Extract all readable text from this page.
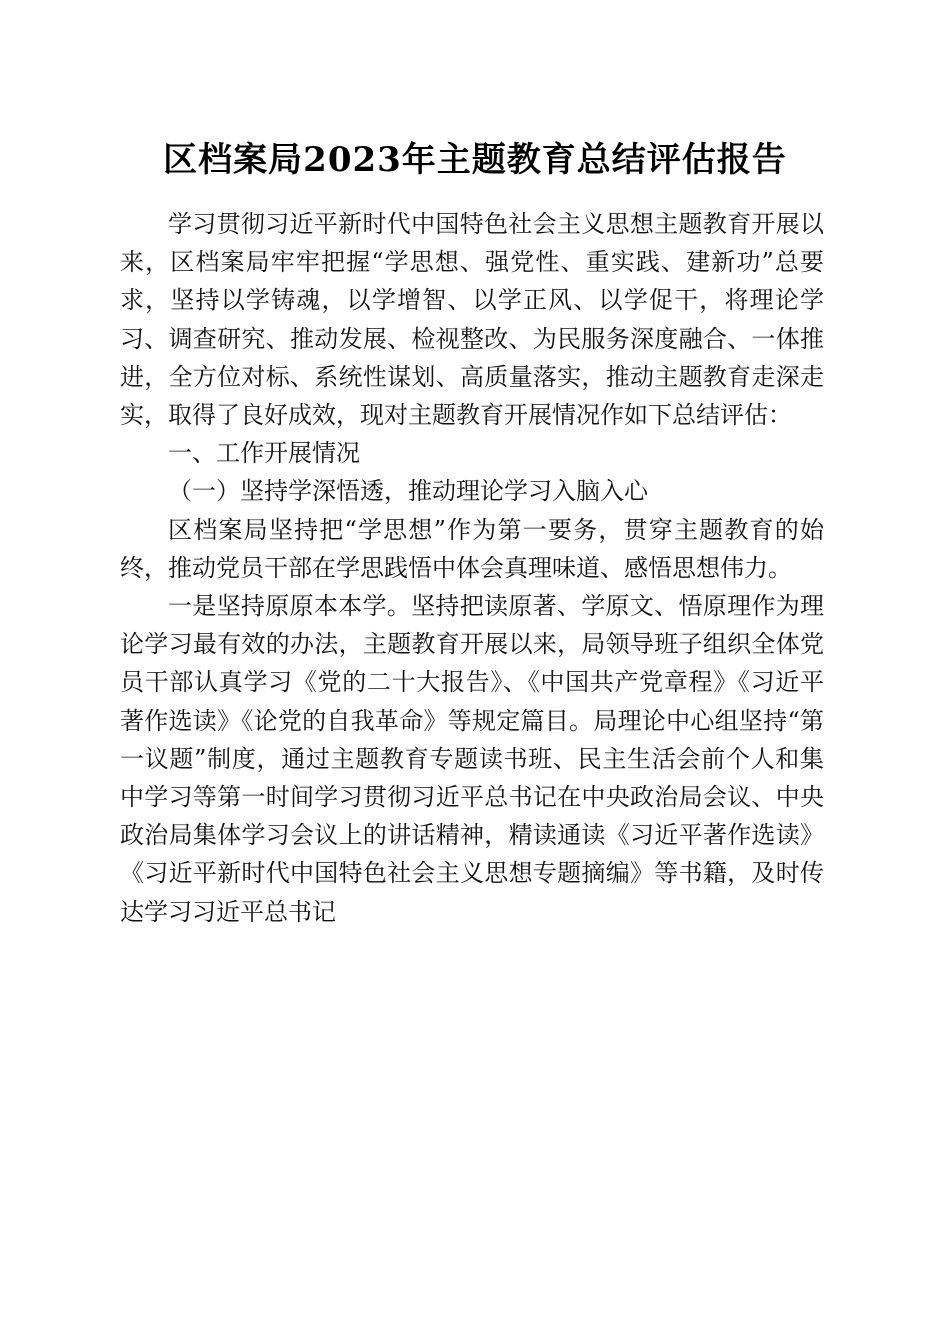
区档案局2023年主题教育总结评估报告

学习贯彻习近平新时代中国特色社会主义思想主题教育开展以来，区档案局牢牢把握“学思想、强党性、重实践、建新功”总要求，坚持以学铸魂，以学增智、以学正风、以学促干，将理论学习、调查研究、推动发展、检视整改、为民服务深度融合、一体推进，全方位对标、系统性谋划、高质量落实，推动主题教育走深走实，取得了良好成效，现对主题教育开展情况作如下总结评估：

一、工作开展情况

（一）坚持学深悟透，推动理论学习入脑入心

区档案局坚持把“学思想”作为第一要务，贯穿主题教育的始终，推动党员干部在学思践悟中体会真理味道、感悟思想伟力。

一是坚持原原本本学。坚持把读原著、学原文、悟原理作为理论学习最有效的办法，主题教育开展以来，局领导班子组织全体党员干部认真学习《党的二十大报告》、《中国共产党章程》《习近平著作选读》《论党的自我革命》等规定篇目。局理论中心组坚持“第一议题”制度，通过主题教育专题读书班、民主生活会前个人和集中学习等第一时间学习贯彻习近平总书记在中央政治局会议、中央政治局集体学习会议上的讲话精神，精读通读《习近平著作选读》《习近平新时代中国特色社会主义思想专题摘编》等书籍，及时传达学习习近平总书记
